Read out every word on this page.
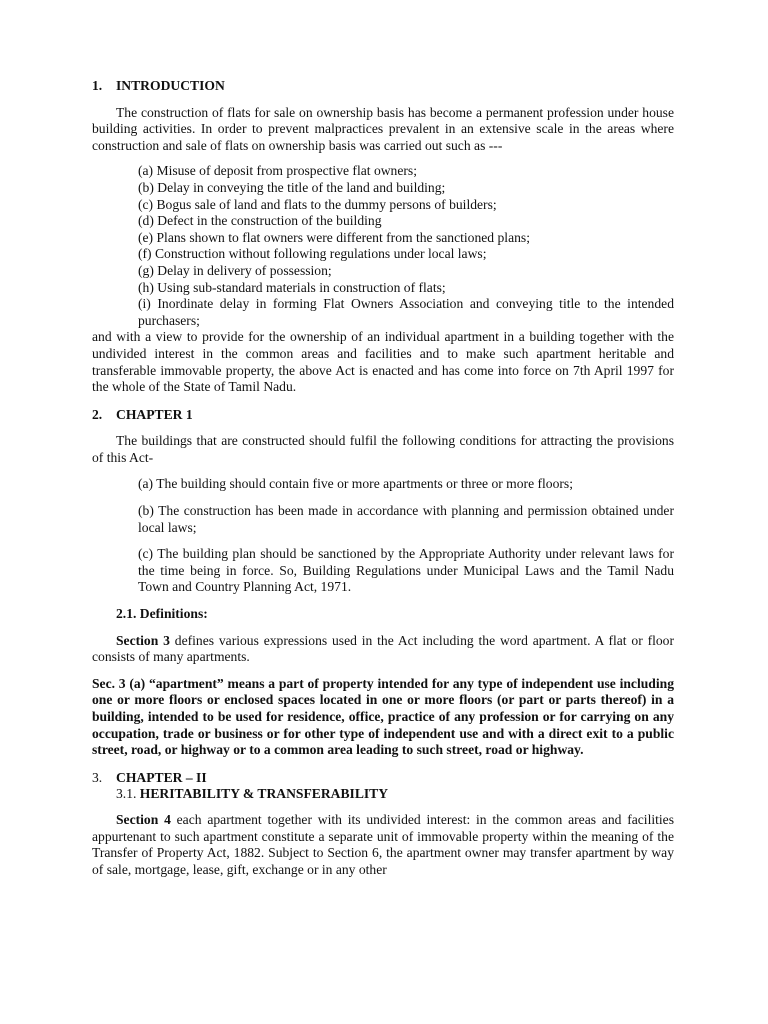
1. INTRODUCTION

The construction of flats for sale on ownership basis has become a permanent profession under house building activities. In order to prevent malpractices prevalent in an extensive scale in the areas where construction and sale of flats on ownership basis was carried out such as ---

(a) Misuse of deposit from prospective flat owners;
(b) Delay in conveying the title of the land and building;
(c) Bogus sale of land and flats to the dummy persons of builders;
(d) Defect in the construction of the building
(e) Plans shown to flat owners were different from the sanctioned plans;
(f) Construction without following regulations under local laws;
(g) Delay in delivery of possession;
(h) Using sub-standard materials in construction of flats;
(i) Inordinate delay in forming Flat Owners Association and conveying title to the intended purchasers;

and with a view to provide for the ownership of an individual apartment in a building together with the undivided interest in the common areas and facilities and to make such apartment heritable and transferable immovable property, the above Act is enacted and has come into force on 7th April 1997 for the whole of the State of Tamil Nadu.

2. CHAPTER 1

The buildings that are constructed should fulfil the following conditions for attracting the provisions of this Act-

(a) The building should contain five or more apartments or three or more floors;

(b) The construction has been made in accordance with planning and permission obtained under local laws;

(c) The building plan should be sanctioned by the Appropriate Authority under relevant laws for the time being in force. So, Building Regulations under Municipal Laws and the Tamil Nadu Town and Country Planning Act, 1971.

2.1. Definitions:

Section 3 defines various expressions used in the Act including the word apartment. A flat or floor consists of many apartments.

Sec. 3 (a) “apartment” means a part of property intended for any type of independent use including one or more floors or enclosed spaces located in one or more floors (or part or parts thereof) in a building, intended to be used for residence, office, practice of any profession or for carrying on any occupation, trade or business or for other type of independent use and with a direct exit to a public street, road, or highway or to a common area leading to such street, road or highway.

3. CHAPTER – II

3.1. HERITABILITY & TRANSFERABILITY

Section 4 each apartment together with its undivided interest: in the common areas and facilities appurtenant to such apartment constitute a separate unit of immovable property within the meaning of the Transfer of Property Act, 1882. Subject to Section 6, the apartment owner may transfer apartment by way of sale, mortgage, lease, gift, exchange or in any other
